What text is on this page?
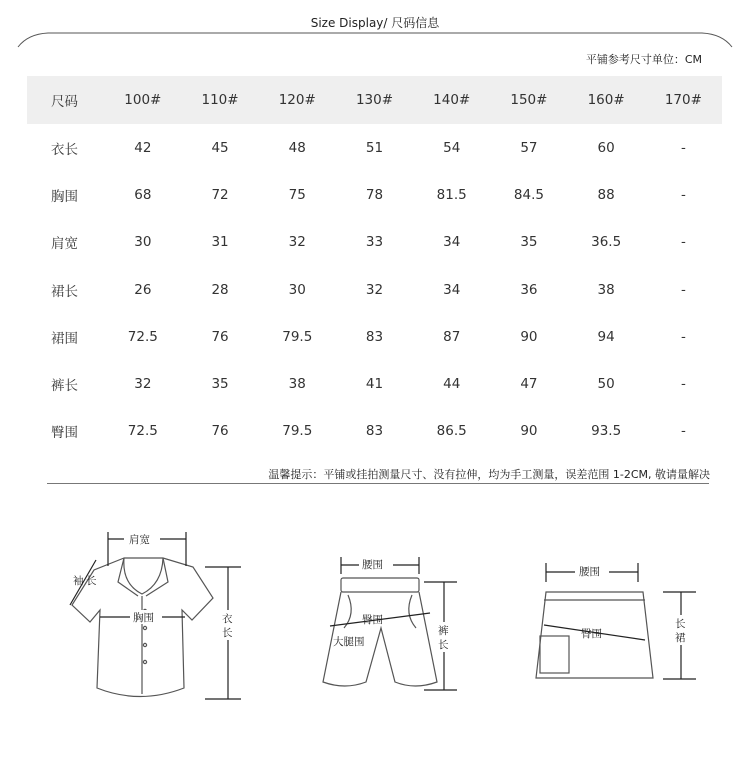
Size Display/ 尺码信息
平铺参考尺寸单位：CM
尺码	100#	110#	120#	130#	140#	150#	160#	170#
衣长	42	45	48	51	54	57	60	-
胸围	68	72	75	78	81.5	84.5	88	-
肩宽	30	31	32	33	34	35	36.5	-
裙长	26	28	30	32	34	36	38	-
裙围	72.5	76	79.5	83	87	90	94	-
裤长	32	35	38	41	44	47	50	-
臀围	72.5	76	79.5	83	86.5	90	93.5	-
温馨提示：平铺或挂拍测量尺寸、没有拉伸，均为手工测量，误差范围 1-2CM, 敬请量解决
肩宽
袖 长
胸围	衣
长
腰围
臀围
大腿围
裤
长
腰围
臀围
长
裙
